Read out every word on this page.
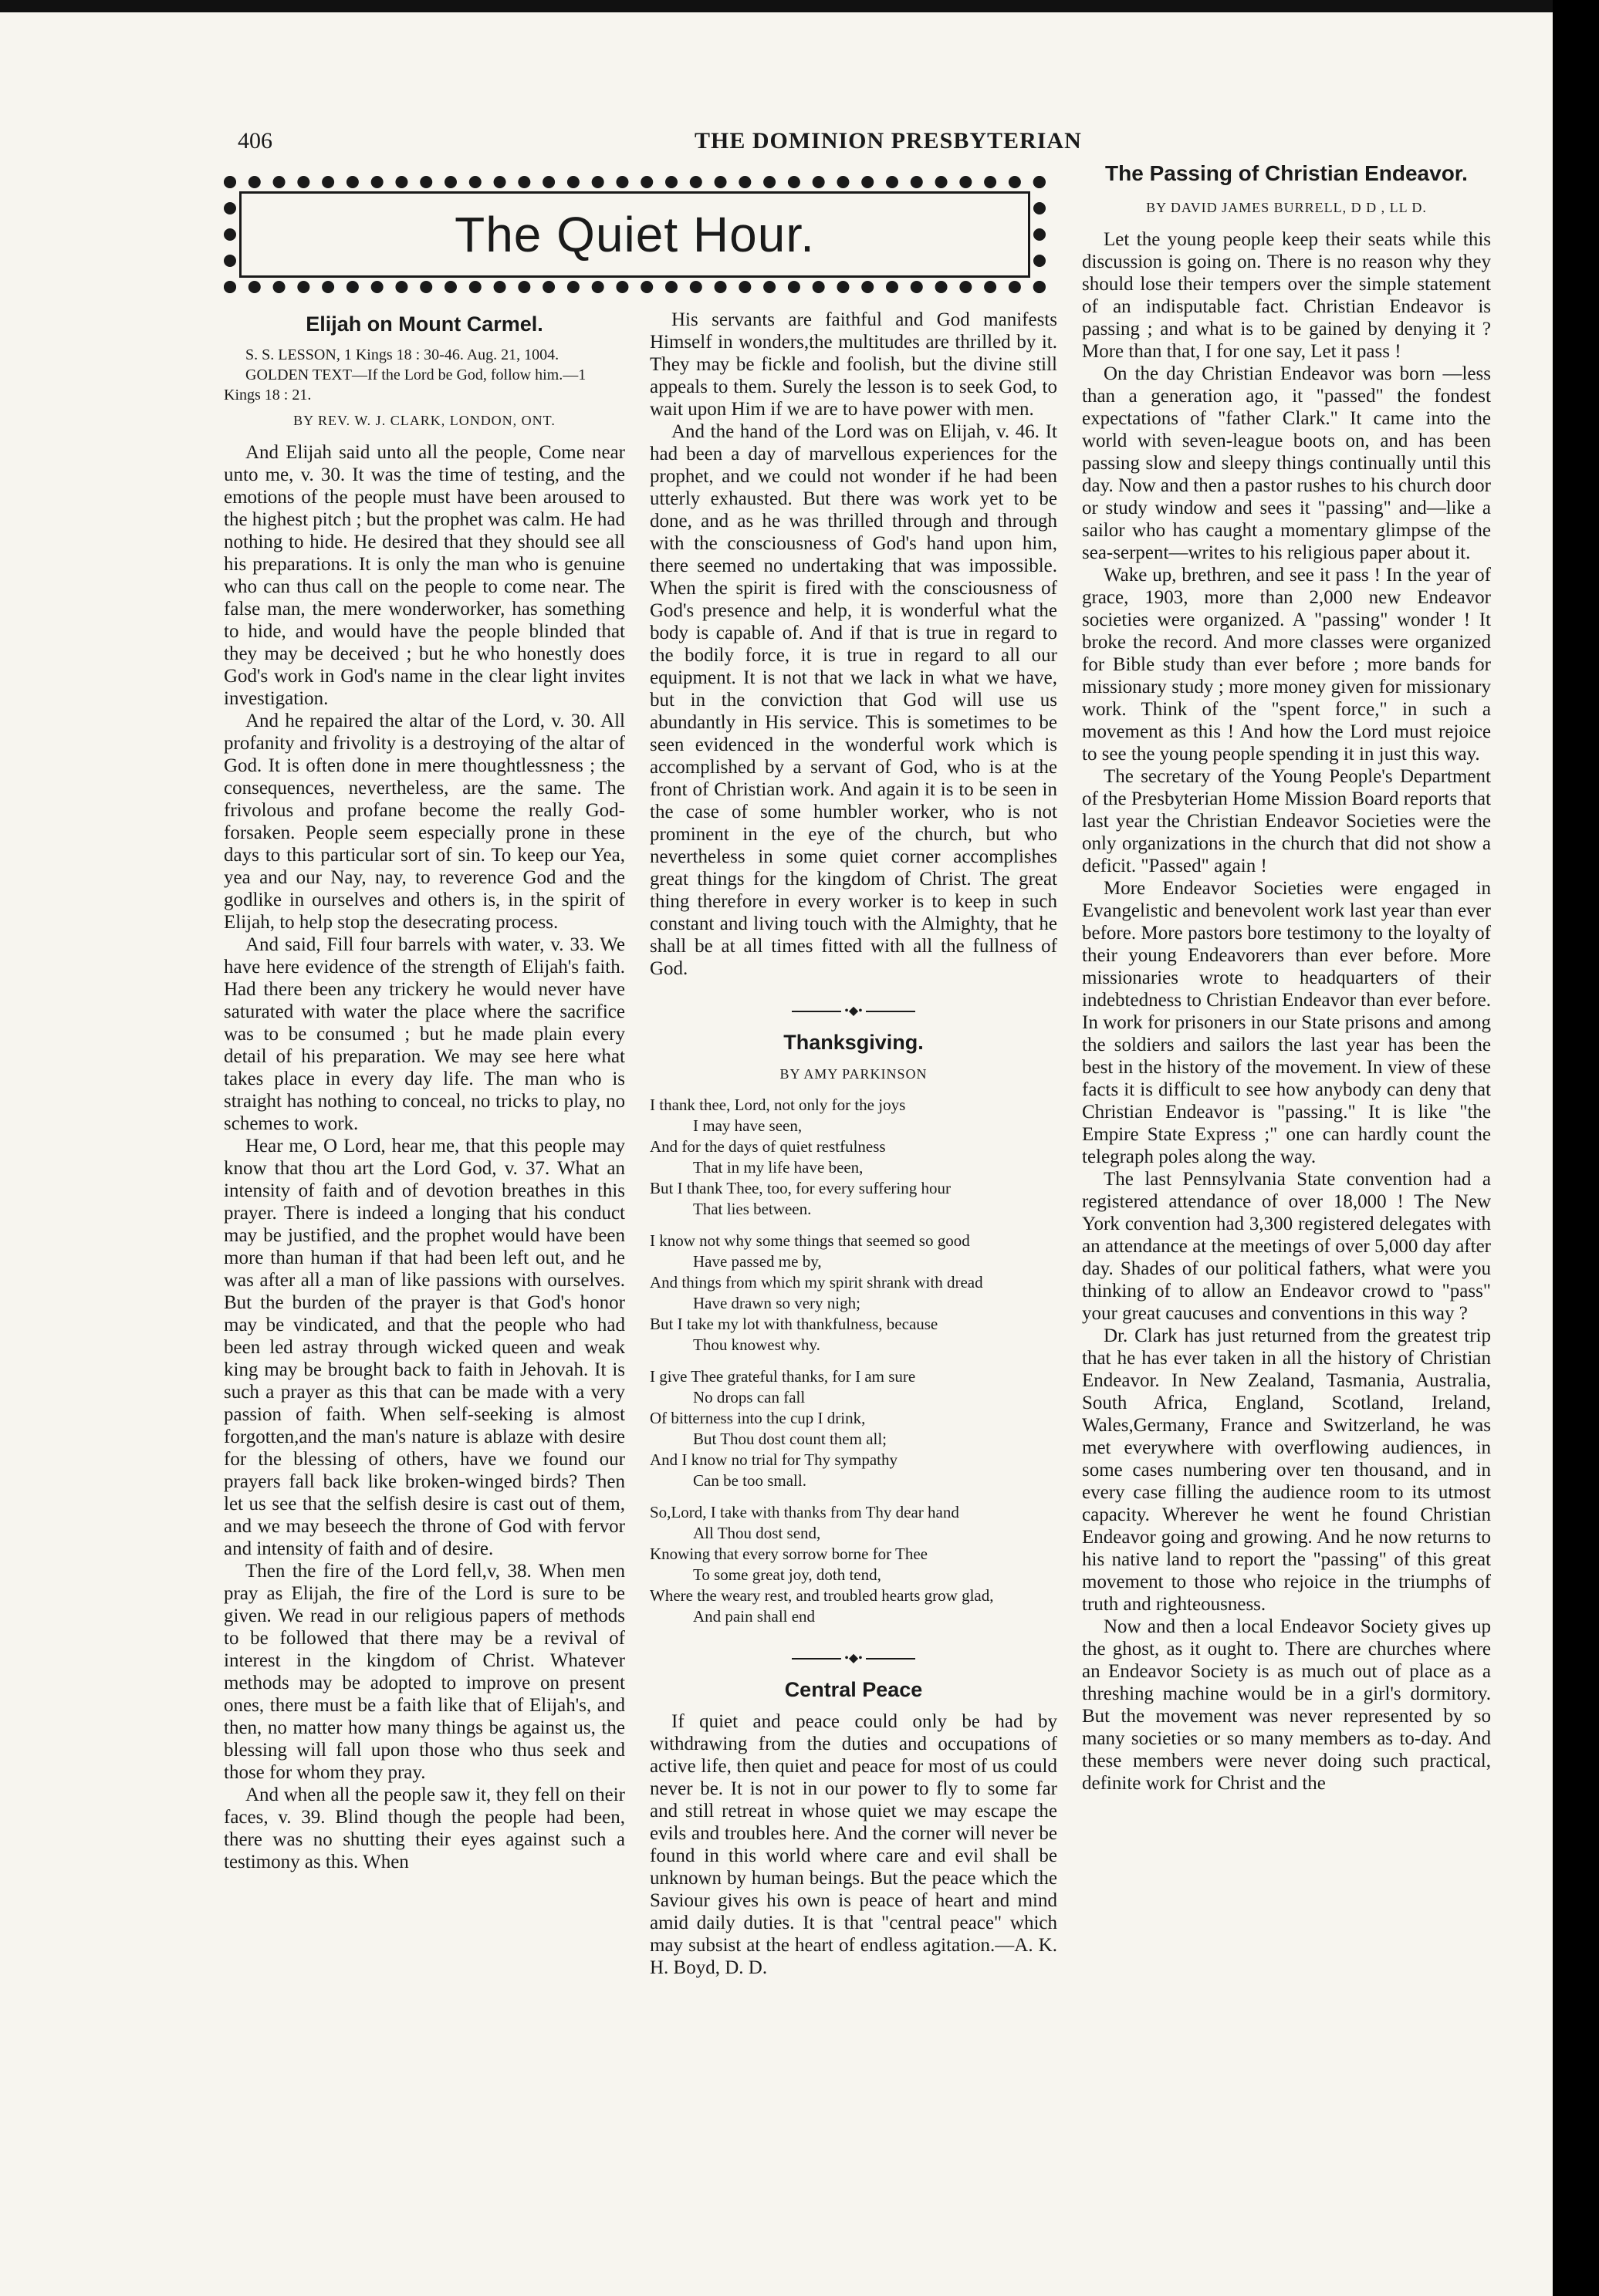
406	THE DOMINION PRESBYTERIAN
The Quiet Hour.
Elijah on Mount Carmel.

S. S. LESSON, 1 Kings 18 : 30-46. Aug. 21, 1004.

GOLDEN TEXT—If the Lord be God, follow him.—1 Kings 18 : 21.

BY REV. W. J. CLARK, LONDON, ONT.

And Elijah said unto all the people, Come near unto me, v. 30. It was the time of testing, and the emotions of the people must have been aroused to the highest pitch ; but the prophet was calm. He had nothing to hide. He desired that they should see all his preparations. It is only the man who is genuine who can thus call on the people to come near. The false man, the mere wonderworker, has something to hide, and would have the people blinded that they may be deceived ; but he who honestly does God's work in God's name in the clear light invites investigation.

And he repaired the altar of the Lord, v. 30. All profanity and frivolity is a destroying of the altar of God. It is often done in mere thoughtlessness ; the consequences, nevertheless, are the same. The frivolous and profane become the really God-forsaken. People seem especially prone in these days to this particular sort of sin. To keep our Yea, yea and our Nay, nay, to reverence God and the godlike in ourselves and others is, in the spirit of Elijah, to help stop the desecrating process.

And said, Fill four barrels with water, v. 33. We have here evidence of the strength of Elijah's faith. Had there been any trickery he would never have saturated with water the place where the sacrifice was to be consumed ; but he made plain every detail of his preparation. We may see here what takes place in every day life. The man who is straight has nothing to conceal, no tricks to play, no schemes to work.

Hear me, O Lord, hear me, that this people may know that thou art the Lord God, v. 37. What an intensity of faith and of devotion breathes in this prayer. There is indeed a longing that his conduct may be justified, and the prophet would have been more than human if that had been left out, and he was after all a man of like passions with ourselves. But the burden of the prayer is that God's honor may be vindicated, and that the people who had been led astray through wicked queen and weak king may be brought back to faith in Jehovah. It is such a prayer as this that can be made with a very passion of faith. When self-seeking is almost forgotten,and the man's nature is ablaze with desire for the blessing of others, have we found our prayers fall back like broken-winged birds? Then let us see that the selfish desire is cast out of them, and we may beseech the throne of God with fervor and intensity of faith and of desire.

Then the fire of the Lord fell,v, 38. When men pray as Elijah, the fire of the Lord is sure to be given. We read in our religious papers of methods to be followed that there may be a revival of interest in the kingdom of Christ. Whatever methods may be adopted to improve on present ones, there must be a faith like that of Elijah's, and then, no matter how many things be against us, the blessing will fall upon those who thus seek and those for whom they pray.

And when all the people saw it, they fell on their faces, v. 39. Blind though the people had been, there was no shutting their eyes against such a testimony as this. When

His servants are faithful and God manifests Himself in wonders,the multitudes are thrilled by it. They may be fickle and foolish, but the divine still appeals to them. Surely the lesson is to seek God, to wait upon Him if we are to have power with men.

And the hand of the Lord was on Elijah, v. 46. It had been a day of marvellous experiences for the prophet, and we could not wonder if he had been utterly exhausted. But there was work yet to be done, and as he was thrilled through and through with the consciousness of God's hand upon him, there seemed no undertaking that was impossible. When the spirit is fired with the consciousness of God's presence and help, it is wonderful what the body is capable of. And if that is true in regard to the bodily force, it is true in regard to all our equipment. It is not that we lack in what we have, but in the conviction that God will use us abundantly in His service. This is sometimes to be seen evidenced in the wonderful work which is accomplished by a servant of God, who is at the front of Christian work. And again it is to be seen in the case of some humbler worker, who is not prominent in the eye of the church, but who nevertheless in some quiet corner accomplishes great things for the kingdom of Christ. The great thing therefore in every worker is to keep in such constant and living touch with the Almighty, that he shall be at all times fitted with all the fullness of God.

•◆•
Thanksgiving.
BY AMY PARKINSON
I thank thee, Lord, not only for the joys
I may have seen,
And for the days of quiet restfulness
That in my life have been,
But I thank Thee, too, for every suffering hour
That lies between.
I know not why some things that seemed so good
Have passed me by,
And things from which my spirit shrank with dread
Have drawn so very nigh;
But I take my lot with thankfulness, because
Thou knowest why.
I give Thee grateful thanks, for I am sure
No drops can fall
Of bitterness into the cup I drink,
But Thou dost count them all;
And I know no trial for Thy sympathy
Can be too small.
So,Lord, I take with thanks from Thy dear hand
All Thou dost send,
Knowing that every sorrow borne for Thee
To some great joy, doth tend,
Where the weary rest, and troubled hearts grow glad,
And pain shall end
•◆•
Central Peace

If quiet and peace could only be had by withdrawing from the duties and occupations of active life, then quiet and peace for most of us could never be. It is not in our power to fly to some far and still retreat in whose quiet we may escape the evils and troubles here. And the corner will never be found in this world where care and evil shall be unknown by human beings. But the peace which the Saviour gives his own is peace of heart and mind amid daily duties. It is that "central peace" which may subsist at the heart of endless agitation.—A. K. H. Boyd, D. D.

The Passing of Christian Endeavor.
BY DAVID JAMES BURRELL, D D , LL D.

Let the young people keep their seats while this discussion is going on. There is no reason why they should lose their tempers over the simple statement of an indisputable fact. Christian Endeavor is passing ; and what is to be gained by denying it ? More than that, I for one say, Let it pass !

On the day Christian Endeavor was born —less than a generation ago, it "passed" the fondest expectations of "father Clark." It came into the world with seven-league boots on, and has been passing slow and sleepy things continually until this day. Now and then a pastor rushes to his church door or study window and sees it "passing" and—like a sailor who has caught a momentary glimpse of the sea-serpent—writes to his religious paper about it.

Wake up, brethren, and see it pass ! In the year of grace, 1903, more than 2,000 new Endeavor societies were organized. A "passing" wonder ! It broke the record. And more classes were organized for Bible study than ever before ; more bands for missionary study ; more money given for missionary work. Think of the "spent force," in such a movement as this ! And how the Lord must rejoice to see the young people spending it in just this way.

The secretary of the Young People's Department of the Presbyterian Home Mission Board reports that last year the Christian Endeavor Societies were the only organizations in the church that did not show a deficit. "Passed" again !

More Endeavor Societies were engaged in Evangelistic and benevolent work last year than ever before. More pastors bore testimony to the loyalty of their young Endeavorers than ever before. More missionaries wrote to headquarters of their indebtedness to Christian Endeavor than ever before. In work for prisoners in our State prisons and among the soldiers and sailors the last year has been the best in the history of the movement. In view of these facts it is difficult to see how anybody can deny that Christian Endeavor is "passing." It is like "the Empire State Express ;" one can hardly count the telegraph poles along the way.

The last Pennsylvania State convention had a registered attendance of over 18,000 ! The New York convention had 3,300 registered delegates with an attendance at the meetings of over 5,000 day after day. Shades of our political fathers, what were you thinking of to allow an Endeavor crowd to "pass" your great caucuses and conventions in this way ?

Dr. Clark has just returned from the greatest trip that he has ever taken in all the history of Christian Endeavor. In New Zealand, Tasmania, Australia, South Africa, England, Scotland, Ireland, Wales,Germany, France and Switzerland, he was met everywhere with overflowing audiences, in some cases numbering over ten thousand, and in every case filling the audience room to its utmost capacity. Wherever he went he found Christian Endeavor going and growing. And he now returns to his native land to report the "passing" of this great movement to those who rejoice in the triumphs of truth and righteousness.

Now and then a local Endeavor Society gives up the ghost, as it ought to. There are churches where an Endeavor Society is as much out of place as a threshing machine would be in a girl's dormitory. But the movement was never represented by so many societies or so many members as to-day. And these members were never doing such practical, definite work for Christ and the
